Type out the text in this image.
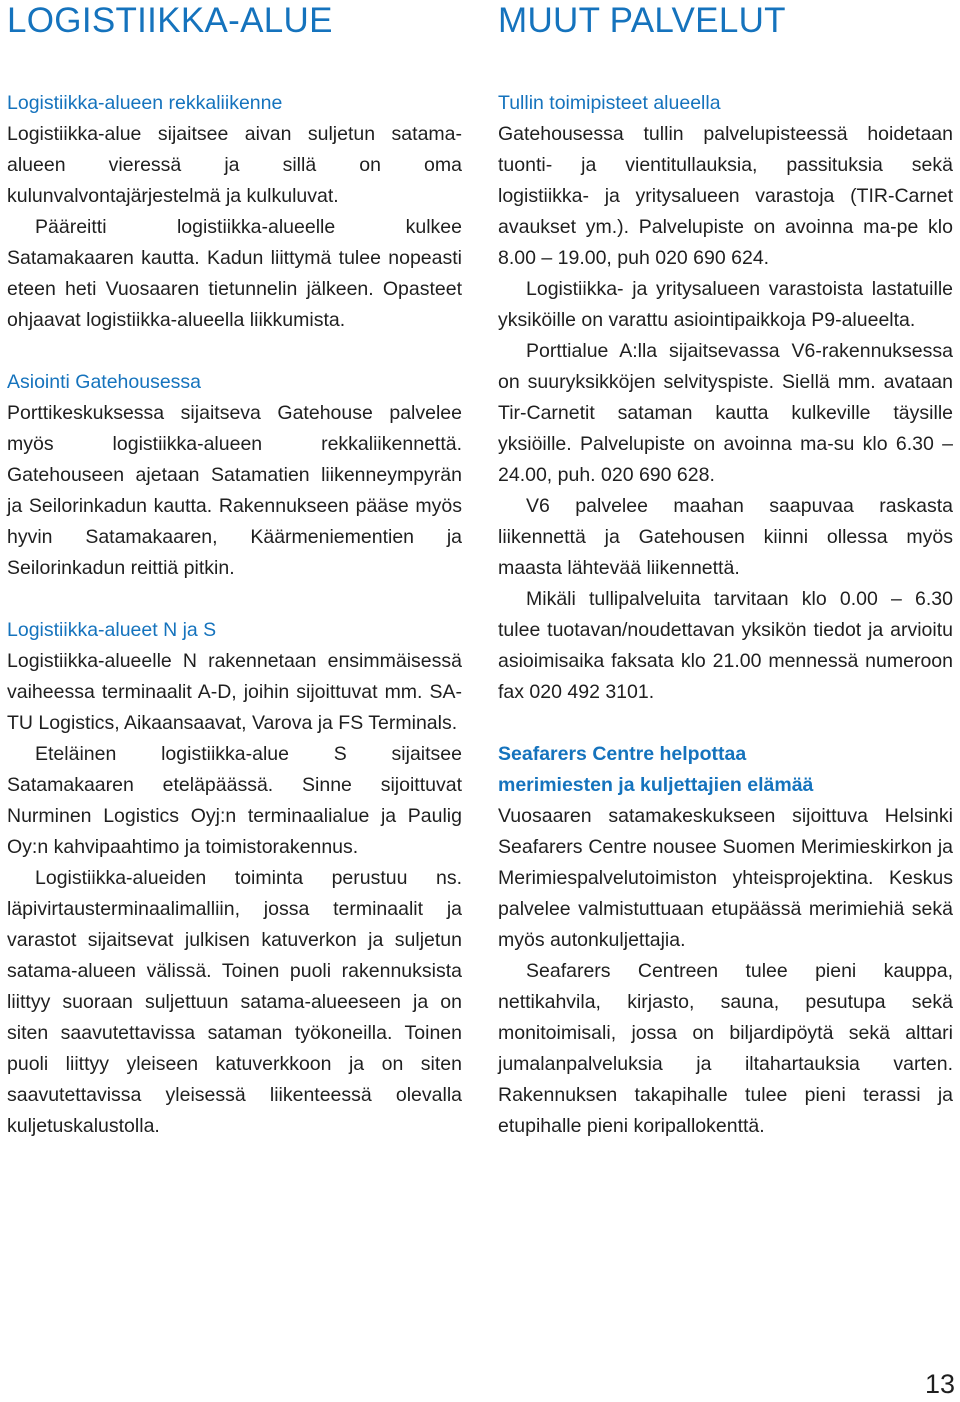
LOGISTIIKKA-ALUE
Logistiikka-alueen rekkaliikenne

Logistiikka-alue sijaitsee aivan suljetun satama-alueen vieressä ja sillä on oma kulunvalvontajärjestelmä ja kulkuluvat.

Pääreitti logistiikka-alueelle kulkee Satamakaaren kautta. Kadun liittymä tulee nopeasti eteen heti Vuosaaren tietunnelin jälkeen. Opasteet ohjaavat logistiikka-alueella liikkumista.

Asiointi Gatehousessa

Porttikeskuksessa sijaitseva Gatehouse palvelee myös logistiikka-alueen rekkaliikennettä. Gatehouseen ajetaan Satamatien liikenneympyrän ja Seilorinkadun kautta. Rakennukseen pääse myös hyvin Satamakaaren, Käärmeniementien ja Seilorinkadun reittiä pitkin.

Logistiikka-alueet N ja S

Logistiikka-alueelle N rakennetaan ensimmäisessä vaiheessa terminaalit A-D, joihin sijoittuvat mm. SA-TU Logistics, Aikaansaavat, Varova ja FS Terminals.

Eteläinen logistiikka-alue S sijaitsee Satamakaaren eteläpäässä. Sinne sijoittuvat Nurminen Logistics Oyj:n terminaalialue ja Paulig Oy:n kahvipaahtimo ja toimistorakennus.

Logistiikka-alueiden toiminta perustuu ns. läpivirtausterminaalimalliin, jossa terminaalit ja varastot sijaitsevat julkisen katuverkon ja suljetun satama-alueen välissä. Toinen puoli rakennuksista liittyy suoraan suljettuun satama-alueeseen ja on siten saavutettavissa sataman työkoneilla. Toinen puoli liittyy yleiseen katuverkkoon ja on siten saavutettavissa yleisessä liikenteessä olevalla kuljetuskalustolla.

MUUT PALVELUT
Tullin toimipisteet alueella

Gatehousessa tullin palvelupisteessä hoidetaan tuonti- ja vientitullauksia, passituksia sekä logistiikka- ja yritysalueen varastoja (TIR-Carnet avaukset ym.). Palvelupiste on avoinna ma-pe klo 8.00 – 19.00, puh 020 690 624.

Logistiikka- ja yritysalueen varastoista lastatuille yksiköille on varattu asiointipaikkoja P9-alueelta.

Porttialue A:lla sijaitsevassa V6-rakennuksessa on suuryksikköjen selvityspiste. Siellä mm. avataan Tir-Carnetit sataman kautta kulkeville täysille yksiöille. Palvelupiste on avoinna ma-su klo 6.30 – 24.00, puh. 020 690 628.

V6 palvelee maahan saapuvaa raskasta liikennettä ja Gatehousen kiinni ollessa myös maasta lähtevää liikennettä.

Mikäli tullipalveluita tarvitaan klo 0.00 – 6.30 tulee tuotavan/noudettavan yksikön tiedot ja arvioitu asioimisaika faksata klo 21.00 mennessä numeroon fax 020 492 3101.

Seafarers Centre helpottaa
merimiesten ja kuljettajien elämää

Vuosaaren satamakeskukseen sijoittuva Helsinki Seafarers Centre nousee Suomen Merimieskirkon ja Merimiespalvelutoimiston yhteisprojektina. Keskus palvelee valmistuttuaan etupäässä merimiehiä sekä myös autonkuljettajia.

Seafarers Centreen tulee pieni kauppa, nettikahvila, kirjasto, sauna, pesutupa sekä monitoimisali, jossa on biljardipöytä sekä alttari jumalanpalveluksia ja iltahartauksia varten. Rakennuksen takapihalle tulee pieni terassi ja etupihalle pieni koripallokenttä.

13
